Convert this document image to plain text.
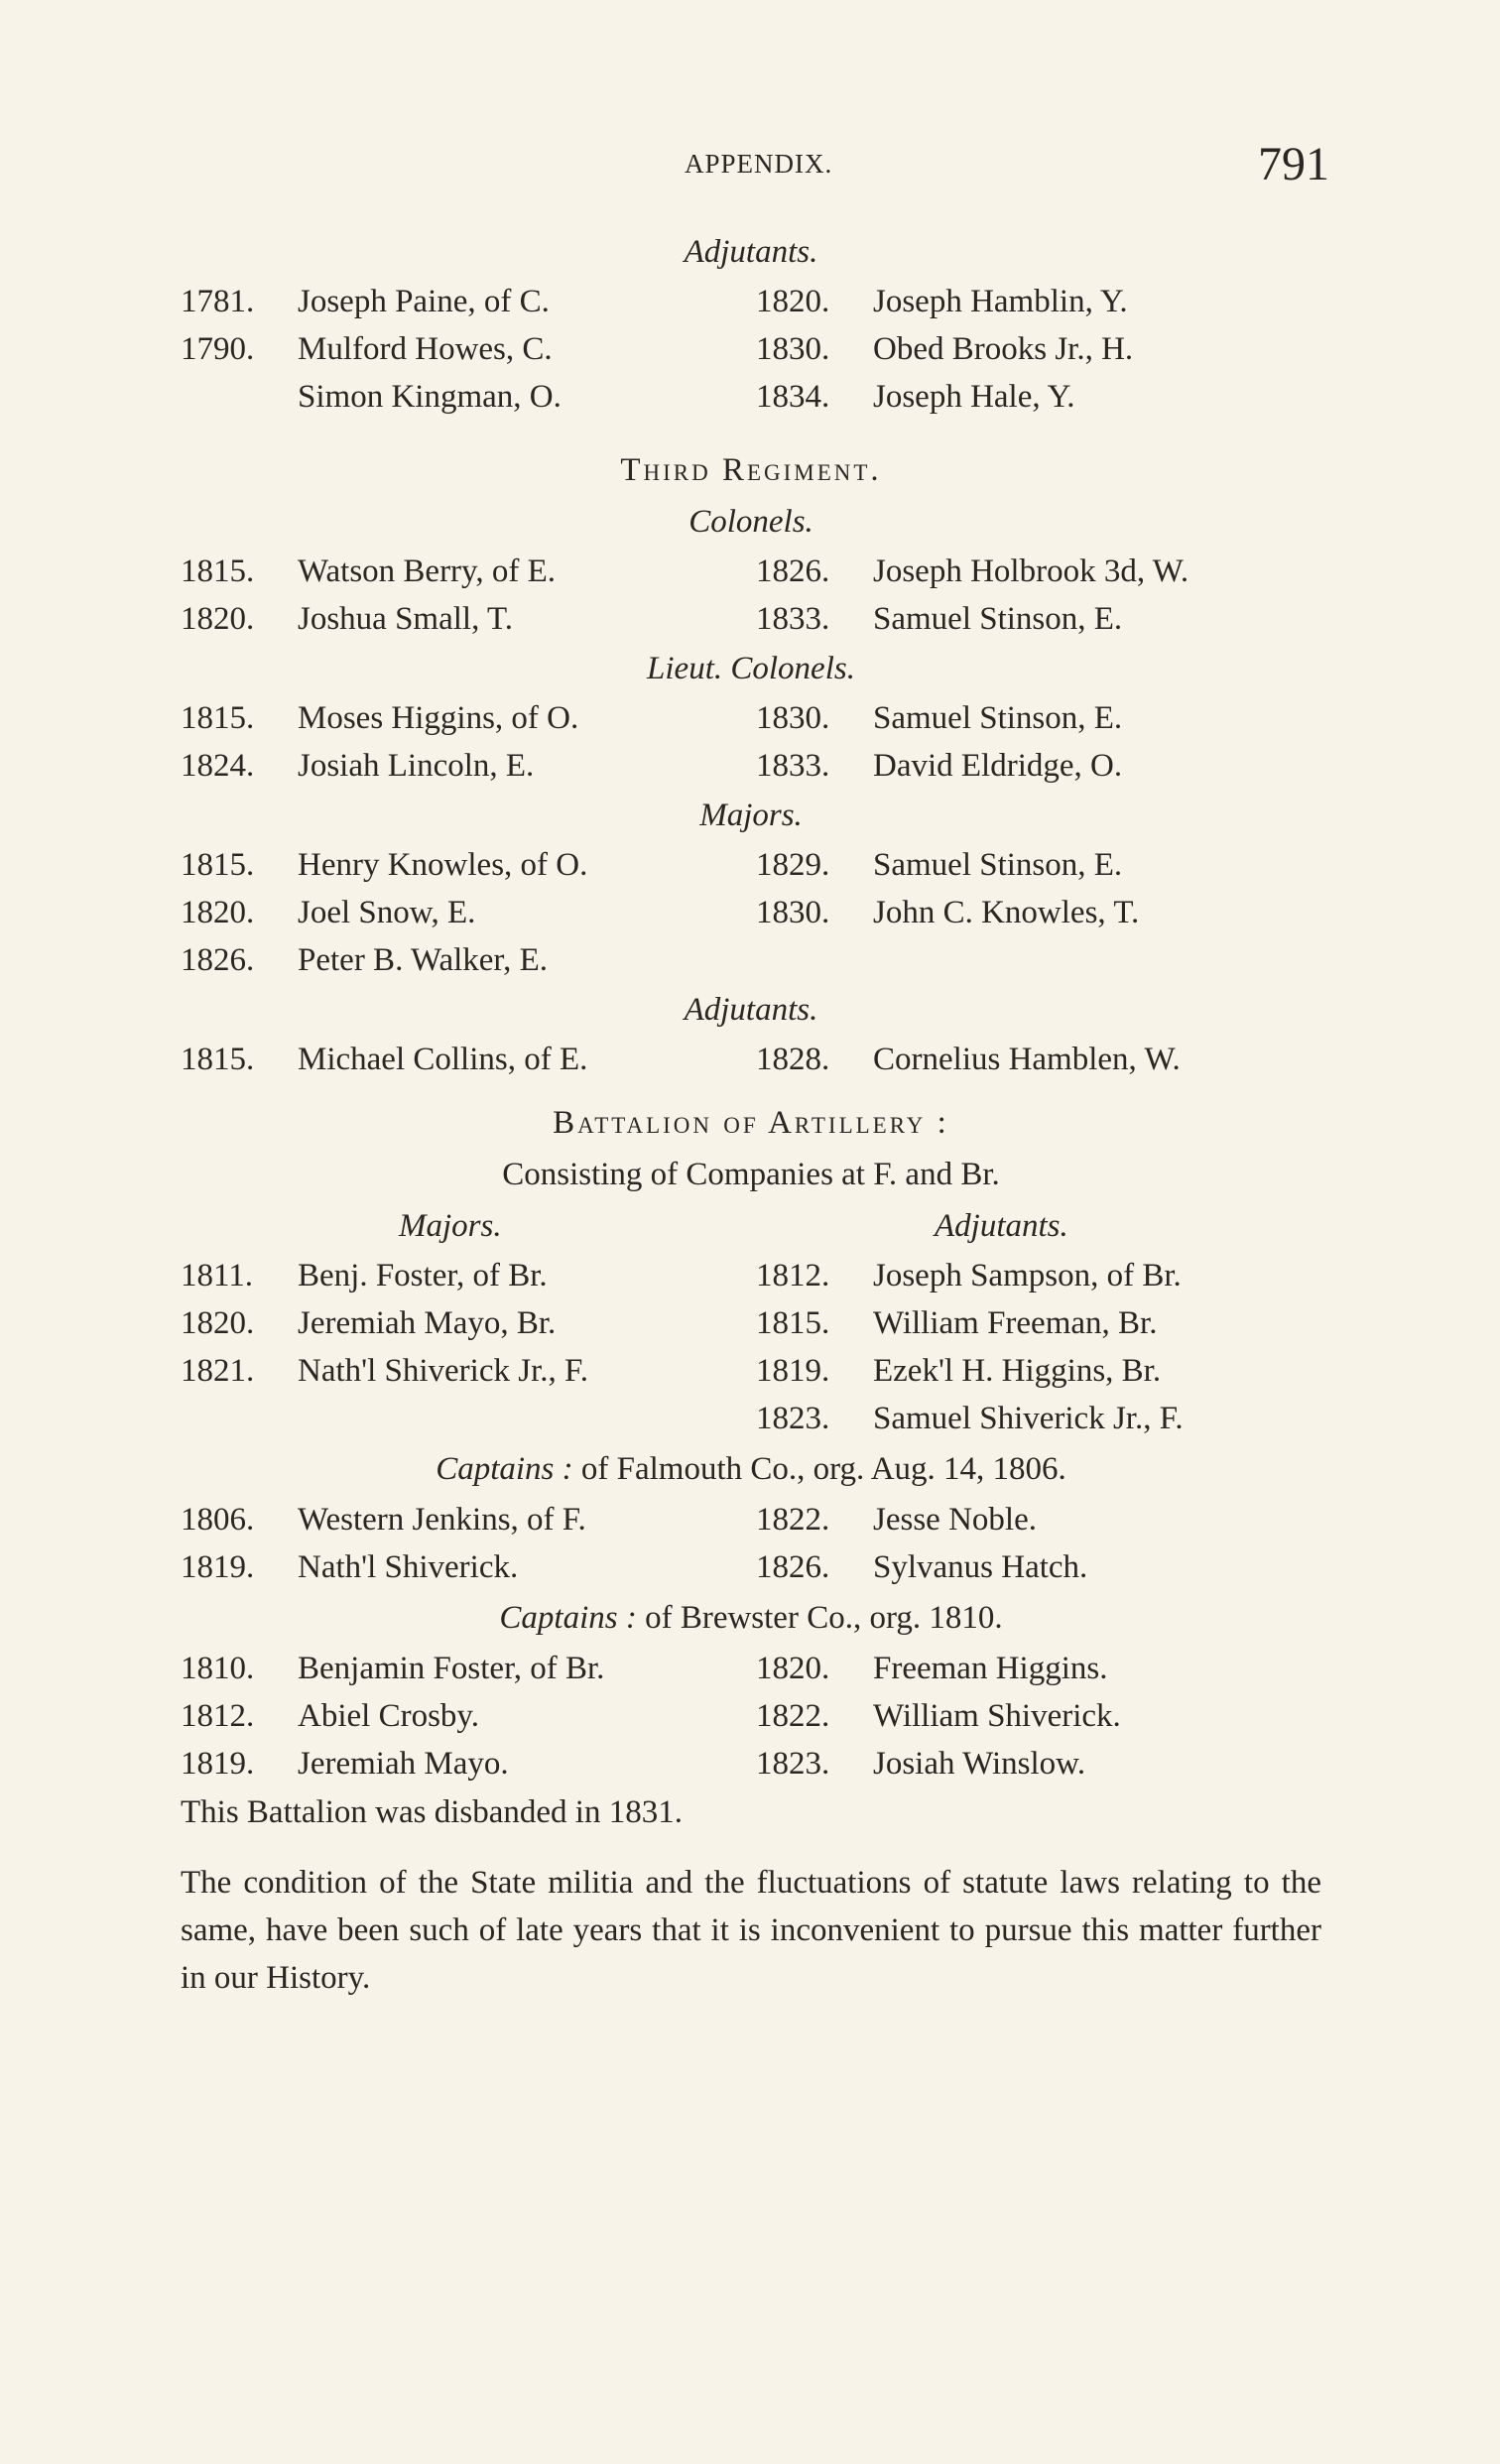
APPENDIX.	791
Adjutants.
1781. Joseph Paine, of C.	1820. Joseph Hamblin, Y.
1790. Mulford Howes, C.	1830. Obed Brooks Jr., H.
Simon Kingman, O.	1834. Joseph Hale, Y.
Third Regiment.
Colonels.
1815. Watson Berry, of E.	1826. Joseph Holbrook 3d, W.
1820. Joshua Small, T.	1833. Samuel Stinson, E.
Lieut. Colonels.
1815. Moses Higgins, of O.	1830. Samuel Stinson, E.
1824. Josiah Lincoln, E.	1833. David Eldridge, O.
Majors.
1815. Henry Knowles, of O.	1829. Samuel Stinson, E.
1820. Joel Snow, E.	1830. John C. Knowles, T.
1826. Peter B. Walker, E.
Adjutants.
1815. Michael Collins, of E.	1828. Cornelius Hamblen, W.
Battalion of Artillery :
Consisting of Companies at F. and Br.
Majors.	Adjutants.
1811. Benj. Foster, of Br.	1812. Joseph Sampson, of Br.
1820. Jeremiah Mayo, Br.	1815. William Freeman, Br.
1821. Nath'l Shiverick Jr., F.	1819. Ezek'l H. Higgins, Br.
1823. Samuel Shiverick Jr., F.
Captains : of Falmouth Co., org. Aug. 14, 1806.
1806. Western Jenkins, of F.	1822. Jesse Noble.
1819. Nath'l Shiverick.	1826. Sylvanus Hatch.
Captains : of Brewster Co., org. 1810.
1810. Benjamin Foster, of Br.	1820. Freeman Higgins.
1812. Abiel Crosby.	1822. William Shiverick.
1819. Jeremiah Mayo.	1823. Josiah Winslow.
This Battalion was disbanded in 1831.
The condition of the State militia and the fluctuations of statute laws relating to the same, have been such of late years that it is inconvenient to pursue this matter further in our History.
